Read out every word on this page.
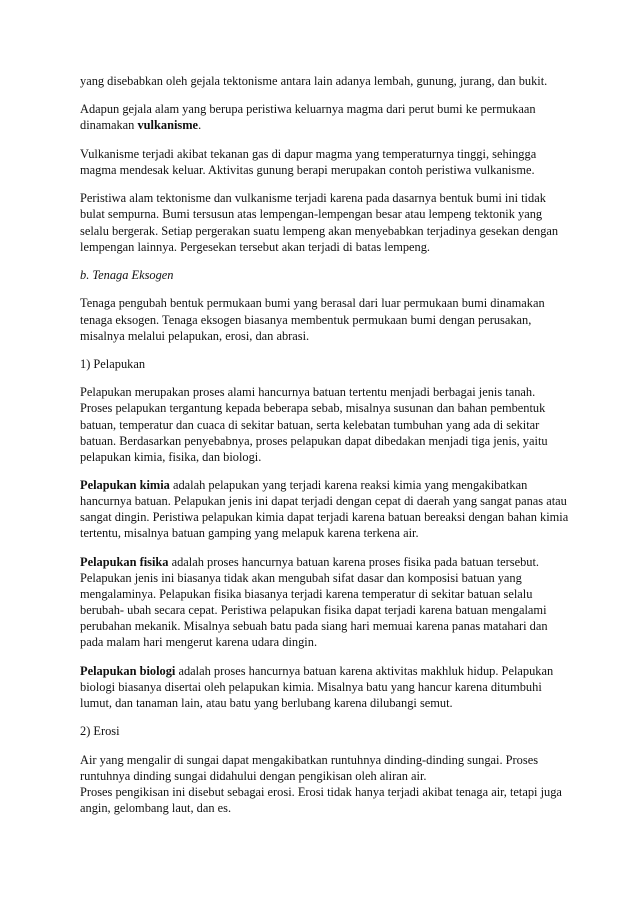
yang disebabkan oleh gejala tektonisme antara lain adanya lembah, gunung, jurang, dan bukit.

Adapun gejala alam yang berupa peristiwa keluarnya magma dari perut bumi ke permukaan dinamakan vulkanisme.

Vulkanisme terjadi akibat tekanan gas di dapur magma yang temperaturnya tinggi, sehingga magma mendesak keluar. Aktivitas gunung berapi merupakan contoh peristiwa vulkanisme.

Peristiwa alam tektonisme dan vulkanisme terjadi karena pada dasarnya bentuk bumi ini tidak bulat sempurna. Bumi tersusun atas lempengan-lempengan besar atau lempeng tektonik yang selalu bergerak. Setiap pergerakan suatu lempeng akan menyebabkan terjadinya gesekan dengan lempengan lainnya. Pergesekan tersebut akan terjadi di batas lempeng.

b. Tenaga Eksogen

Tenaga pengubah bentuk permukaan bumi yang berasal dari luar permukaan bumi dinamakan tenaga eksogen. Tenaga eksogen biasanya membentuk permukaan bumi dengan perusakan, misalnya melalui pelapukan, erosi, dan abrasi.

1) Pelapukan

Pelapukan merupakan proses alami hancurnya batuan tertentu menjadi berbagai jenis tanah. Proses pelapukan tergantung kepada beberapa sebab, misalnya susunan dan bahan pembentuk batuan, temperatur dan cuaca di sekitar batuan, serta kelebatan tumbuhan yang ada di sekitar batuan. Berdasarkan penyebabnya, proses pelapukan dapat dibedakan menjadi tiga jenis, yaitu pelapukan kimia, fisika, dan biologi.

Pelapukan kimia adalah pelapukan yang terjadi karena reaksi kimia yang mengakibatkan hancurnya batuan. Pelapukan jenis ini dapat terjadi dengan cepat di daerah yang sangat panas atau sangat dingin. Peristiwa pelapukan kimia dapat terjadi karena batuan bereaksi dengan bahan kimia tertentu, misalnya batuan gamping yang melapuk karena terkena air.

Pelapukan fisika adalah proses hancurnya batuan karena proses fisika pada batuan tersebut. Pelapukan jenis ini biasanya tidak akan mengubah sifat dasar dan komposisi batuan yang mengalaminya. Pelapukan fisika biasanya terjadi karena temperatur di sekitar batuan selalu berubah- ubah secara cepat. Peristiwa pelapukan fisika dapat terjadi karena batuan mengalami perubahan mekanik. Misalnya sebuah batu pada siang hari memuai karena panas matahari dan pada malam hari mengerut karena udara dingin.

Pelapukan biologi adalah proses hancurnya batuan karena aktivitas makhluk hidup. Pelapukan biologi biasanya disertai oleh pelapukan kimia. Misalnya batu yang hancur karena ditumbuhi lumut, dan tanaman lain, atau batu yang berlubang karena dilubangi semut.

2) Erosi

Air yang mengalir di sungai dapat mengakibatkan runtuhnya dinding-dinding sungai. Proses runtuhnya dinding sungai didahului dengan pengikisan oleh aliran air.
Proses pengikisan ini disebut sebagai erosi. Erosi tidak hanya terjadi akibat tenaga air, tetapi juga angin, gelombang laut, dan es.
